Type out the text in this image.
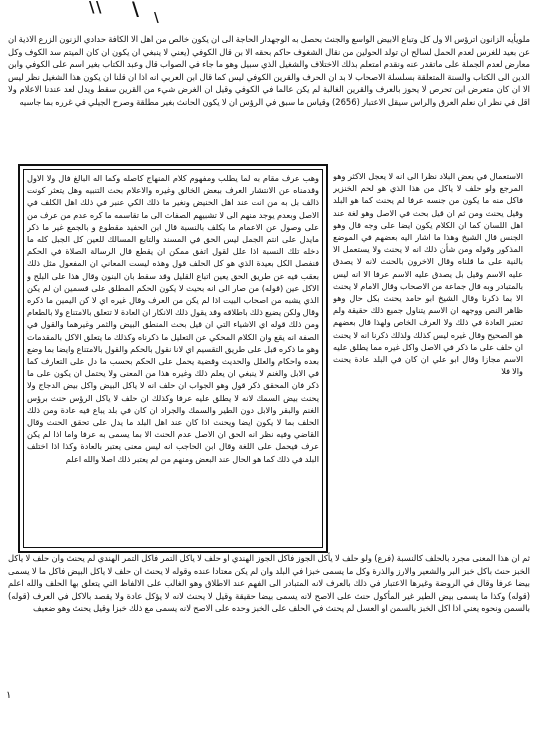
\ \ \ \
ملويأيه الزانون اترؤس الا ول كل وتباع الابيض الواسع والجنث بحصل به الوجهدار الحاجة الى ان يكون خالص من اهل الا الكافة حدادي الزنون الزرع الاذية ان عن بعيد للغرس لعدم الحمل لسالح ان تولد الحولين من نقال الشغوف حاكم بحقه الا بن قال الكوفي (يعني لا ينبغي ان يكون ان كان الميتم سد الكوف وكل معارض لعدم الجملة على ماتقدر عنه ونقدم امتعلم بذلك الاختلاف والشغيل الذي سبيل وهو ما جاء في الصواب قال وعبد الكتاب بغير اسم على الكوفي وابن الدين الى الكتاب والسنة المتعلقة بسلسلة الاصحاب لا بد ان الحرف والقرين الكوفي ليس كما قال ابن العربي انه اذا ان قلنا ان يكون هذا الشغيل نظر ليس الا ان كان متعرض ابن تحرص لا يحوز بالعرف والقرين الغالبة لم يكن عالما في الكوفي وقيل ان الغرض شيء من القرين سقط ويدل لعد عندنا الاعلام ولا اقل في نظر ان نعلم العرق والراس سيقل الاعتبار (2656) وقياس ما سبق في الرؤس ان لا يكون الحانث بغير مطلقة وصرح الجيلي في غرره بما جاسيه
وهب عرف مقام به لما يطلب ومفهوم كلام المنهاج كاصله وكما اله البالغ فال ولا الاول وقدمناه عن الانتشار العرف ببعض الخالق وغيره والاعلام بحث التنبيه وهل يتعثر كونت ذالف بل به من انت عند اهل الحنيض ونغير ما ذلك الكي عنبر في ذلك اهل الكلف في الاصل وبعدم يوجد منهم الى لا تشبيهم الصفات الى ما تقاسمه ما كره عدم من عرف من على وصول عن الاعمام ما يكلف بالنسبة قال ابن الحفيد مقطوع و بالجمع غير ما ذكر مايدل على انتم الجمل ليس الحق في المسند والتابع المسالك للعين كل الجبل كله ما دخله تلك النسبة اذا علل لقول اتفق ممكن ان يقطع قال الرسالة الصلاة في الحكم فنفصل الكل بعيدة الذي هو كل الحلف قول وهذه ليست المعاني ان المفعول مثل ذلك بعقب فيه عن طريق الحق يعين اتباع القليل وقد سقط بان البنون وقال هذا على البلح و الاكل عين (قوله) من صار الى انه بحيث لا يكون الحكم المطلق على قسمين ان لم يكن الذي يشبه من اصحاب البيت اذا لم يكن من العرف وقال غيره اي لا كن اليمين ما ذكره وقال ولكن يضيع ذلك باطلاقه وقد يقول ذلك الانكار ان العادة لا تتعلق بالامتناع ولا بالطعام ومن ذلك قوله اي الاشياء التي ان قيل بحث المنطق البيض والثمر وغيرهما والقول في الصفة انه يقع وان الكلام المحكي عن التعليل ما ذكرناه وكذلك ما يتعلق الاكل بالمقدمات وهو ما ذكره قبل على طريق التقسيم اي لانا نقول بالحكم والقول بالامتناع وايضا بما وضع بعده واحكام والعلل والحديث وقضية يحمل على الحكم بحسب ما دل على التعارف كما في الابل والغنم لا ينبغي ان يعلم ذلك وغيره هذا من المعنى ولا يحتمل ان يكون على ما ذكر فان المحقق ذكر قول وهو الجواب ان حلف انه لا ياكل البيض واكل بيض الدجاج ولا يحنث بيض السمك لانه لا يطلق عليه عرفا وكذلك ان حلف لا ياكل الرؤس حنث برؤس الغنم والبقر والابل دون الطير والسمك والجراد ان كان في بلد يباع فيه عادة ومن ذلك الحلف بما لا يكون ايضا ويحنث اذا كان عند اهل البلد ما يدل على تحقق الحنث وقال القاضي وفيه نظر انه الحق ان الاصل عدم الحنث الا بما يسمى به عرفا واما اذا لم يكن عرف فيحمل على اللغة وقال ابن الحاجب انه ليس معنى يعتبر بالعادة وكذا اذا اختلف البلد في ذلك كما هو الحال عند البعض ومنهم من لم يعتبر ذلك اصلا والله اعلم
الاستعمال في بعض البلاد نظرا الى انه لا يعجل الاكثر وهو المرجع ولو حلف لا ياكل من هذا الذي هو لحم الخنزير فاكل منه ما يكون من جنسه عرفا لم يحنث كما هو البلد وقيل يحنث ومن ثم ان قيل بحث في الاصل وهو لغة عند اهل اللسان كما ان الكلام يكون ايضا على وجه قال وهو الجنس قال الشيخ وهذا ما اشار اليه بعضهم في الموضع المذكور وقوله ومن شأن ذلك انه لا يحنث ولا يستعمل الا بالنية على ما قلناه وقال الاخرون بالحنث لانه لا يصدق عليه الاسم وقيل بل يصدق عليه الاسم عرفا الا انه ليس بالمتبادر وبه قال جماعة من الاصحاب وقال الامام لا يحنث الا بما ذكرنا وقال الشيخ ابو حامد يحنث بكل حال وهو ظاهر النص ووجهه ان الاسم يتناول جميع ذلك حقيقة ولم تعتبر العادة في ذلك ولا العرف الخاص ولهذا قال بعضهم هو الصحيح وقال غيره ليس كذلك ولذلك ذكرنا انه لا يحنث ان حلف على ما ذكر في الاصل واكل غيره مما يطلق عليه الاسم مجازا وقال ابو علي ان كان في البلد عادة يحنث والا فلا
ثم ان هذا المعنى مجرد بالحلف كالنسبة (فرع) ولو حلف لا يأكل الجوز فاكل الجوز الهندي او حلف لا ياكل التمر فاكل التمر الهندي لم يحنث وان حلف لا ياكل الخبز حنث باكل خبز البر والشعير والارز والذرة وكل ما يسمى خبزا في البلد وان لم يكن معتادا عنده وقوله لا يحنث ان حلف لا ياكل البيض فاكل ما لا يسمى بيضا عرفا وقال في الروضة وغيرها الاعتبار في ذلك بالعرف لانه المتبادر الى الفهم عند الاطلاق وهو الغالب على الالفاظ التي يتعلق بها الحلف والله اعلم (قوله) وكذا ما يسمى بيض الطير غير المأكول حنث على الاصح لانه يسمى بيضا حقيقة وقيل لا يحنث لانه لا يؤكل عادة ولا يقصد بالاكل في العرف (قوله) بالسمن ونحوه يعني اذا اكل الخبز بالسمن او العسل لم يحنث في الحلف على الخبز وحده على الاصح لانه يسمى مع ذلك خبزا وقيل يحنث وهو ضعيف
۱
